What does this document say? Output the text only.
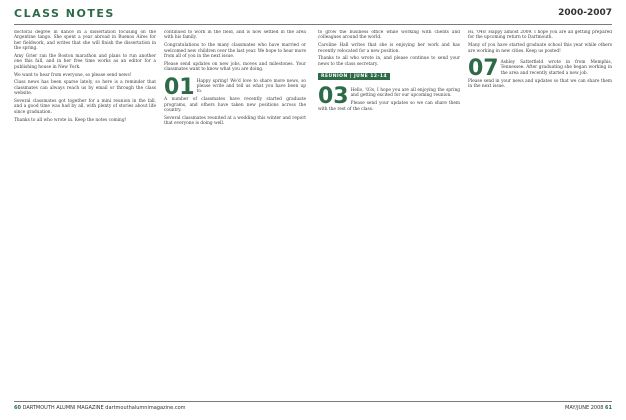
CLASS NOTES	2000-2007

doctoral degree in dance in a dissertation focusing on the Argentine tango. She spent a year abroad in Buenos Aires for her fieldwork, and writes that she will finish the dissertation in the spring.

Amy Grier ran the Boston marathon and plans to run another one this fall, and in her free time works as an editor for a publishing house in New York.

We want to hear from everyone, so please send news!

Class news has been sparse lately, so here is a reminder that classmates can always reach us by email or through the class website.

Several classmates got together for a mini reunion in the fall, and a good time was had by all, with plenty of stories about life since graduation.

Thanks to all who wrote in. Keep the notes coming!

continued to work in the field, and is now settled in the area with his family.

Congratulations to the many classmates who have married or welcomed new children over the last year. We hope to hear more from all of you in the next issue.

Please send updates on new jobs, moves and milestones. Your classmates want to know what you are doing.

01 Happy spring! We'd love to share more news, so please write and tell us what you have been up to.

A number of classmates have recently started graduate programs, and others have taken new positions across the country.

Several classmates reunited at a wedding this winter and report that everyone is doing well.

to grow the business office while working with clients and colleagues around the world.

Caroline Hall writes that she is enjoying her work and has recently relocated for a new position.

Thanks to all who wrote in, and please continue to send your news to the class secretary.

REUNION | JUNE 12-14
03 Hello, '03s, I hope you are all enjoying the spring and getting excited for our upcoming reunion.

Please send your updates so we can share them with the rest of the class.

Hi, '04s! Happy almost 2009. I hope you are all getting prepared for the upcoming return to Dartmouth.

Many of you have started graduate school this year while others are working in new cities. Keep us posted!

07 Ashley Satterfield wrote in from Memphis, Tennessee. After graduating she began working in the area and recently started a new job.

Please send in your news and updates so that we can share them in the next issue.

60 DARTMOUTH ALUMNI MAGAZINE dartmouthalumnimagazine.com	MAY/JUNE 2008 61
